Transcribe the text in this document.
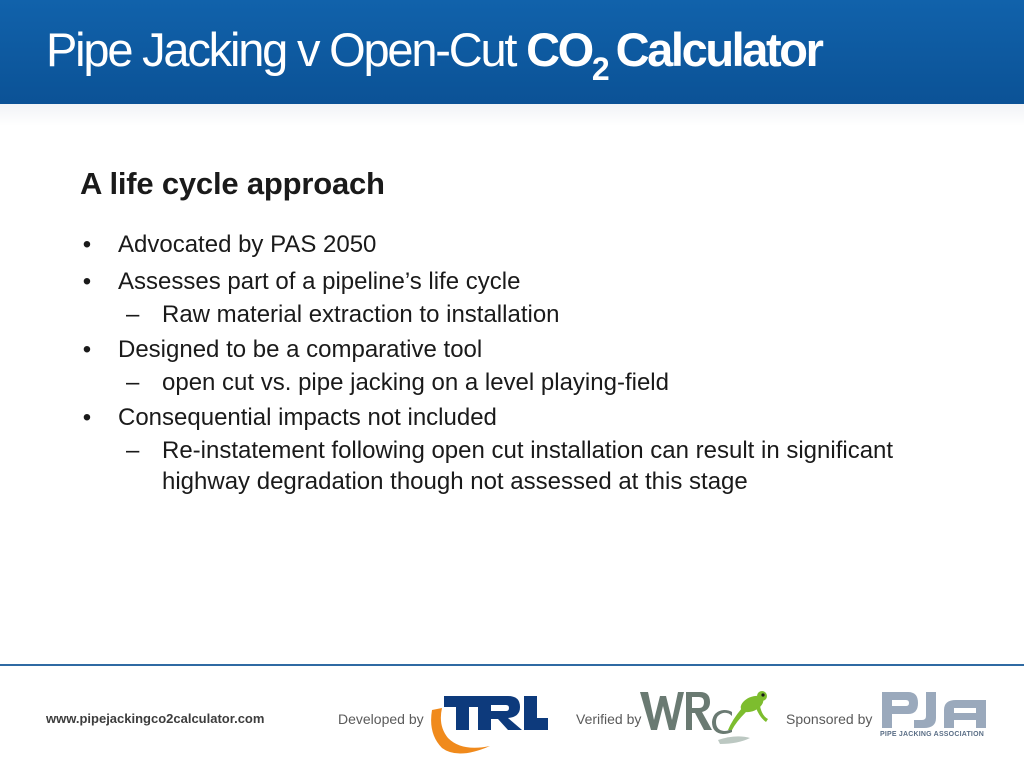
Pipe Jacking v Open-Cut $CO_2$ Calculator
A life cycle approach
• Advocated by PAS 2050
• Assesses part of a pipeline’s life cycle
– Raw material extraction to installation
• Designed to be a comparative tool
– open cut vs. pipe jacking on a level playing-field
• Consequential impacts not included
– Re-instatement following open cut installation can result in significant
highway degradation though not assessed at this stage
www.pipejackingco2calculator.com	Developed by	Verified by	Sponsored by
PIPE JACKING ASSOCIATION
